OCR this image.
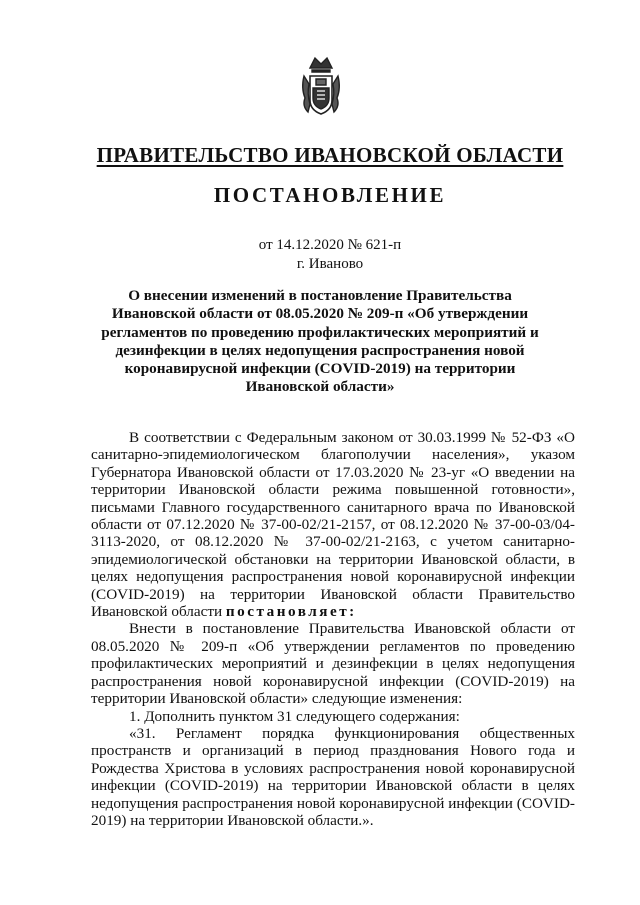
ПРАВИТЕЛЬСТВО ИВАНОВСКОЙ ОБЛАСТИ
ПОСТАНОВЛЕНИЕ
от 14.12.2020 № 621-п
г. Иваново
О внесении изменений в постановление Правительства Ивановской области от 08.05.2020 № 209-п «Об утверждении регламентов по проведению профилактических мероприятий и дезинфекции в целях недопущения распространения новой коронавирусной инфекции (COVID-2019) на территории Ивановской области»

В соответствии с Федеральным законом от 30.03.1999 № 52-ФЗ «О санитарно-эпидемиологическом благополучии населения», указом Губернатора Ивановской области от 17.03.2020 № 23-уг «О введении на территории Ивановской области режима повышенной готовности», письмами Главного государственного санитарного врача по Ивановской области от 07.12.2020 № 37-00-02/21-2157, от 08.12.2020 № 37-00-03/04-3113-2020, от 08.12.2020 № 37-00-02/21-2163, с учетом санитарно-эпидемиологической обстановки на территории Ивановской области, в целях недопущения распространения новой коронавирусной инфекции (COVID-2019) на территории Ивановской области Правительство Ивановской области постановляет:

Внести в постановление Правительства Ивановской области от 08.05.2020 № 209-п «Об утверждении регламентов по проведению профилактических мероприятий и дезинфекции в целях недопущения распространения новой коронавирусной инфекции (COVID-2019) на территории Ивановской области» следующие изменения:

1. Дополнить пунктом 31 следующего содержания:

«31. Регламент порядка функционирования общественных пространств и организаций в период празднования Нового года и Рождества Христова в условиях распространения новой коронавирусной инфекции (COVID-2019) на территории Ивановской области в целях недопущения распространения новой коронавирусной инфекции (COVID-2019) на территории Ивановской области.».
